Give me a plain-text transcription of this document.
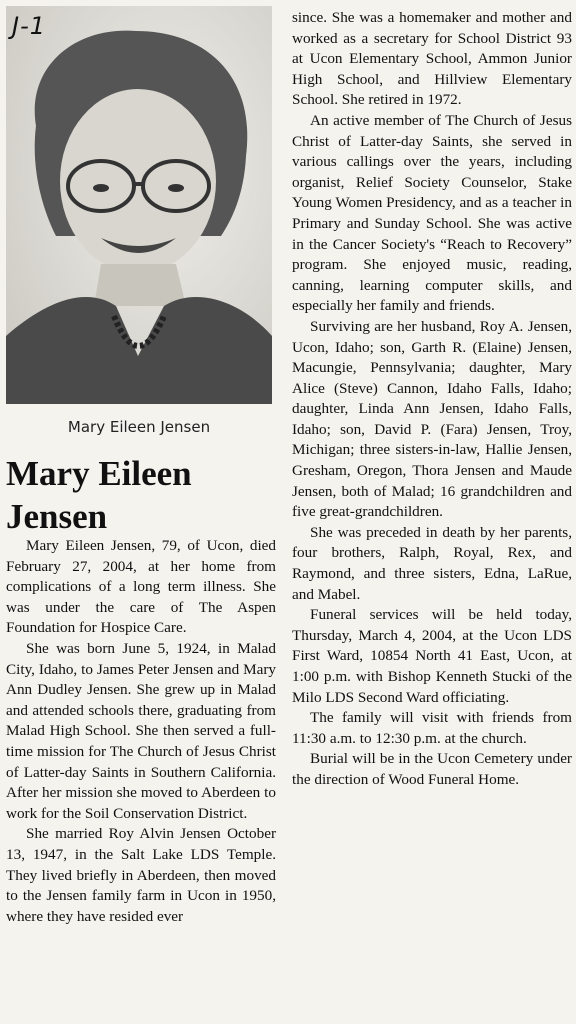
J-1
Mary Eileen Jensen
Mary Eileen Jensen

Mary Eileen Jensen, 79, of Ucon, died February 27, 2004, at her home from complications of a long term illness. She was under the care of The Aspen Foundation for Hospice Care.

She was born June 5, 1924, in Malad City, Idaho, to James Peter Jensen and Mary Ann Dudley Jensen. She grew up in Malad and attended schools there, graduating from Malad High School. She then served a full-time mission for The Church of Jesus Christ of Latter-day Saints in Southern California. After her mission she moved to Aberdeen to work for the Soil Conservation District.

She married Roy Alvin Jensen October 13, 1947, in the Salt Lake LDS Temple. They lived briefly in Aberdeen, then moved to the Jensen family farm in Ucon in 1950, where they have resided ever

since. She was a homemaker and mother and worked as a secretary for School District 93 at Ucon Elementary School, Ammon Junior High School, and Hillview Elementary School. She retired in 1972.

An active member of The Church of Jesus Christ of Latter-day Saints, she served in various callings over the years, including organist, Relief Society Counselor, Stake Young Women Presidency, and as a teacher in Primary and Sunday School. She was active in the Cancer Society's “Reach to Recovery” program. She enjoyed music, reading, canning, learning computer skills, and especially her family and friends.

Surviving are her husband, Roy A. Jensen, Ucon, Idaho; son, Garth R. (Elaine) Jensen, Macungie, Pennsylvania; daughter, Mary Alice (Steve) Cannon, Idaho Falls, Idaho; daughter, Linda Ann Jensen, Idaho Falls, Idaho; son, David P. (Fara) Jensen, Troy, Michigan; three sisters-in-law, Hallie Jensen, Gresham, Oregon, Thora Jensen and Maude Jensen, both of Malad; 16 grandchildren and five great-grandchildren.

She was preceded in death by her parents, four brothers, Ralph, Royal, Rex, and Raymond, and three sisters, Edna, LaRue, and Mabel.

Funeral services will be held today, Thursday, March 4, 2004, at the Ucon LDS First Ward, 10854 North 41 East, Ucon, at 1:00 p.m. with Bishop Kenneth Stucki of the Milo LDS Second Ward officiating.

The family will visit with friends from 11:30 a.m. to 12:30 p.m. at the church.

Burial will be in the Ucon Cemetery under the direction of Wood Funeral Home.
